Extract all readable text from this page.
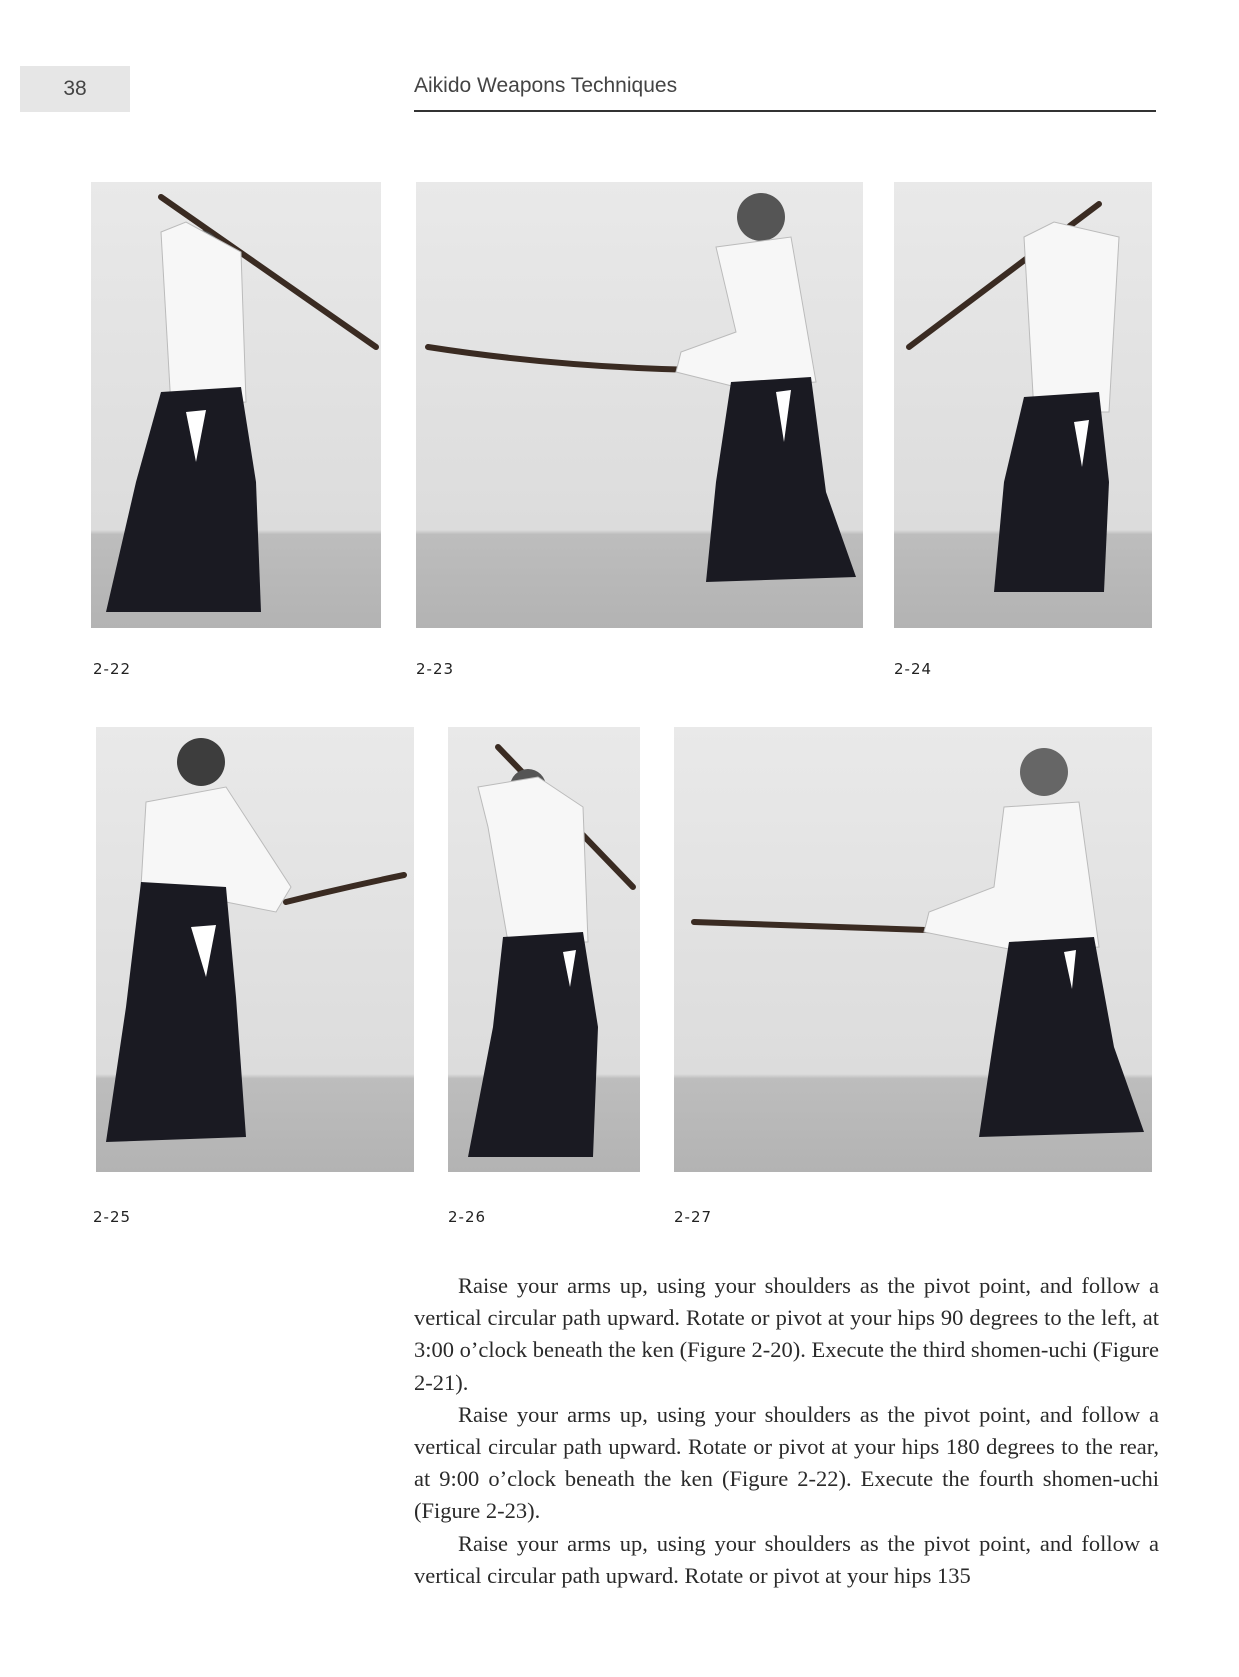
38	Aikido Weapons Techniques
2-22	2-23	2-24
2-25	2-26	2-27

Raise your arms up, using your shoulders as the pivot point, and follow a vertical circular path upward. Rotate or pivot at your hips 90 degrees to the left, at 3:00 o’clock beneath the ken (Figure 2-20). Execute the third shomen-uchi (Figure 2-21).

Raise your arms up, using your shoulders as the pivot point, and follow a vertical circular path upward. Rotate or pivot at your hips 180 degrees to the rear, at 9:00 o’clock beneath the ken (Figure 2-22). Execute the fourth shomen-uchi (Figure 2-23).

Raise your arms up, using your shoulders as the pivot point, and follow a vertical circular path upward. Rotate or pivot at your hips 135
